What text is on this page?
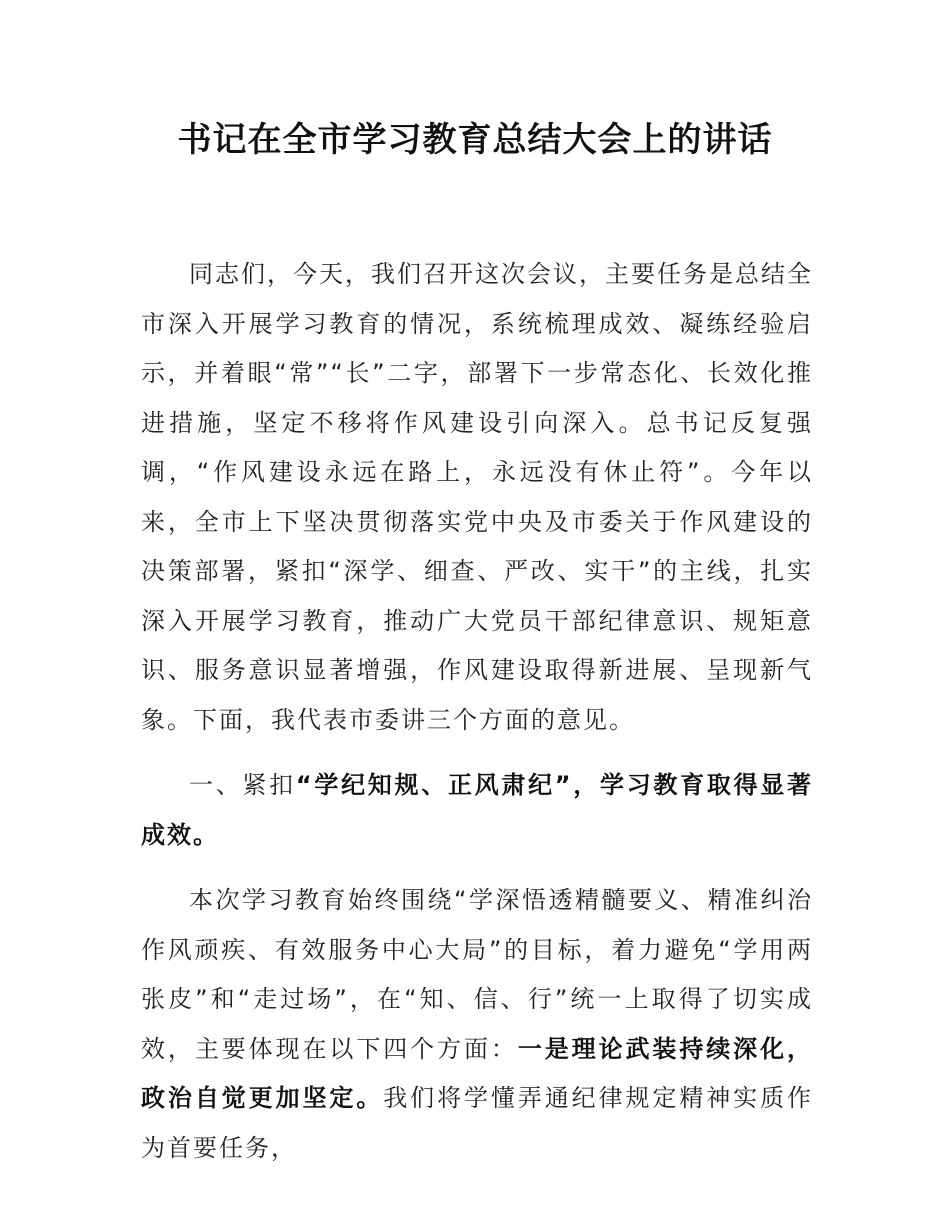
书记在全市学习教育总结大会上的讲话

同志们，今天，我们召开这次会议，主要任务是总结全市深入开展学习教育的情况，系统梳理成效、凝练经验启示，并着眼“常”“长”二字，部署下一步常态化、长效化推进措施，坚定不移将作风建设引向深入。总书记反复强调，“作风建设永远在路上，永远没有休止符”。今年以来，全市上下坚决贯彻落实党中央及市委关于作风建设的决策部署，紧扣“深学、细查、严改、实干”的主线，扎实深入开展学习教育，推动广大党员干部纪律意识、规矩意识、服务意识显著增强，作风建设取得新进展、呈现新气象。下面，我代表市委讲三个方面的意见。

一、紧扣“学纪知规、正风肃纪”，学习教育取得显著成效。

本次学习教育始终围绕“学深悟透精髓要义、精准纠治作风顽疾、有效服务中心大局”的目标，着力避免“学用两张皮”和“走过场”，在“知、信、行”统一上取得了切实成效，主要体现在以下四个方面：一是理论武装持续深化，政治自觉更加坚定。我们将学懂弄通纪律规定精神实质作为首要任务，
